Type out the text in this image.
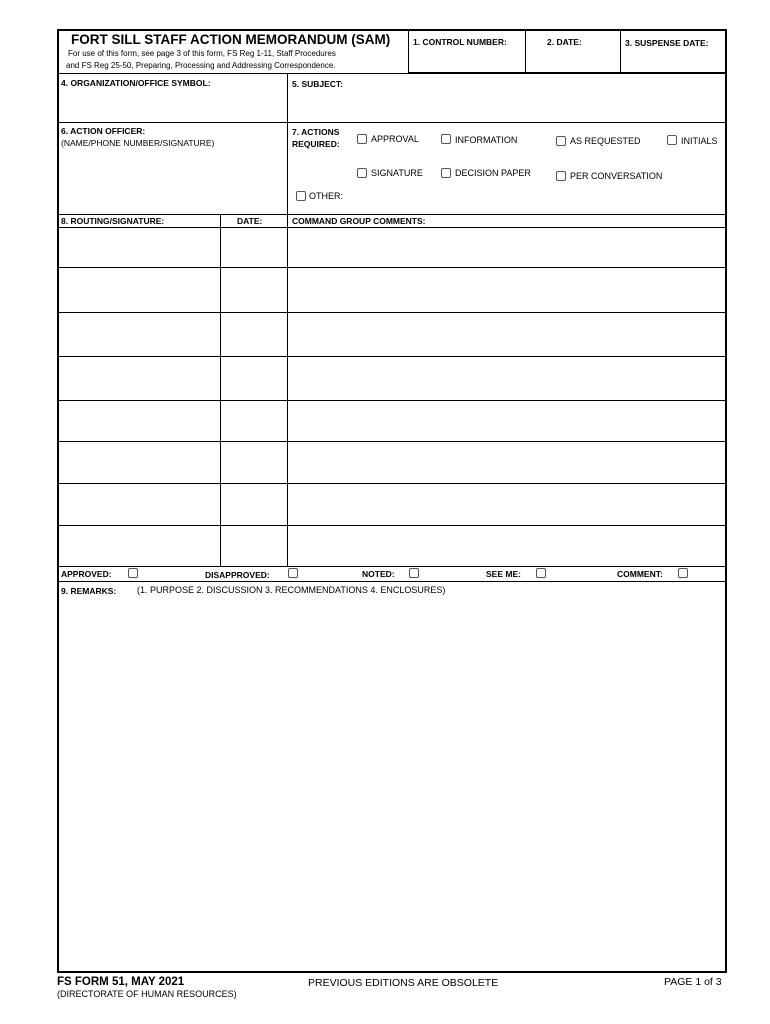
FORT SILL STAFF ACTION MEMORANDUM (SAM)
For use of this form, see page 3 of this form, FS Reg 1-11, Staff Procedures
and FS Reg 25-50, Preparing, Processing and Addressing Correspondence.
1. CONTROL NUMBER:	2. DATE:	3. SUSPENSE DATE:
4. ORGANIZATION/OFFICE SYMBOL:	5. SUBJECT:
6. ACTION OFFICER:
(NAME/PHONE NUMBER/SIGNATURE)
7. ACTIONS
REQUIRED:	APPROVAL	INFORMATION	AS REQUESTED	INITIALS
SIGNATURE	DECISION PAPER	PER CONVERSATION
OTHER:
8. ROUTING/SIGNATURE:	DATE:	COMMAND GROUP COMMENTS:
APPROVED:	DISAPPROVED:	NOTED:	SEE ME:	COMMENT:
9. REMARKS: (1. PURPOSE 2. DISCUSSION 3. RECOMMENDATIONS 4. ENCLOSURES)
FS FORM 51, MAY 2021
(DIRECTORATE OF HUMAN RESOURCES)
PREVIOUS EDITIONS ARE OBSOLETE	PAGE 1 of 3
